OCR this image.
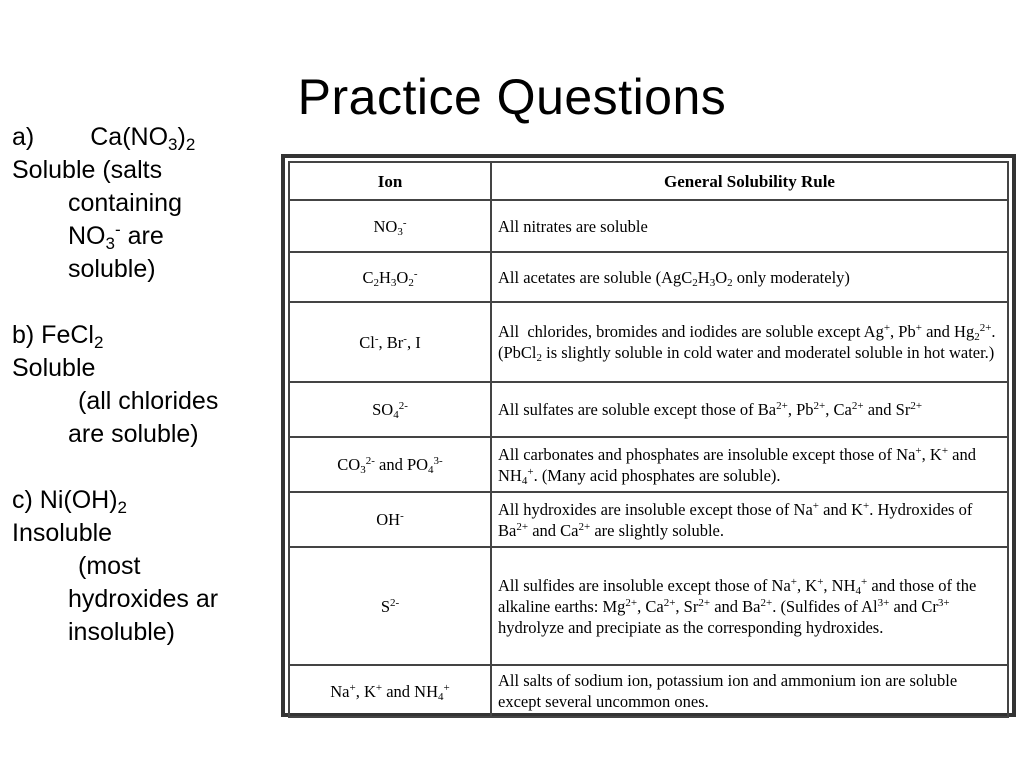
Practice Questions
a) $Ca(NO_3)_2$
Soluble (salts
containing
$NO_3^-$ are
soluble)
b) FeCl$_2$
Soluble
(all chlorides
are soluble)
c) $Ni(OH)_2$
Insoluble
(most
hydroxides ar
insoluble)
Ion	General Solubility Rule
$NO_3^-$	All nitrates are soluble
$C_2H_3O_2^-$	All acetates are soluble ($AgC_2H_3O_2$ only moderately)
Cl-, Br-, I	All  chlorides, bromides and iodides are soluble except Ag+, Pb+ and $Hg_2^{2+}$. (PbCl$_2$ is slightly soluble in cold water and moderatel soluble in hot water.)
$SO_4^{2-}$	All sulfates are soluble except those of $Ba^{2+}$, $Pb^{2+}$, $Ca^{2+}$ and $Sr^{2+}$
$CO_3^{2-}$ and $PO_4^{3-}$	All carbonates and phosphates are insoluble except those of Na+, K+ and $NH_4^+$. (Many acid phosphates are soluble).
OH-	All hydroxides are insoluble except those of Na+ and K+. Hydroxides of $Ba^{2+}$ and $Ca^{2+}$ are slightly soluble.
$S^{2-}$	All sulfides are insoluble except those of Na+, K+, $NH_4^+$ and those of the alkaline earths: $Mg^{2+}$, $Ca^{2+}$, $Sr^{2+}$ and $Ba^{2+}$. (Sulfides of $Al^{3+}$ and $Cr^{3+}$ hydrolyze and precipiate as the corresponding hydroxides.
Na+, K+ and $NH_4^+$	All salts of sodium ion, potassium ion and ammonium ion are soluble except several uncommon ones.
